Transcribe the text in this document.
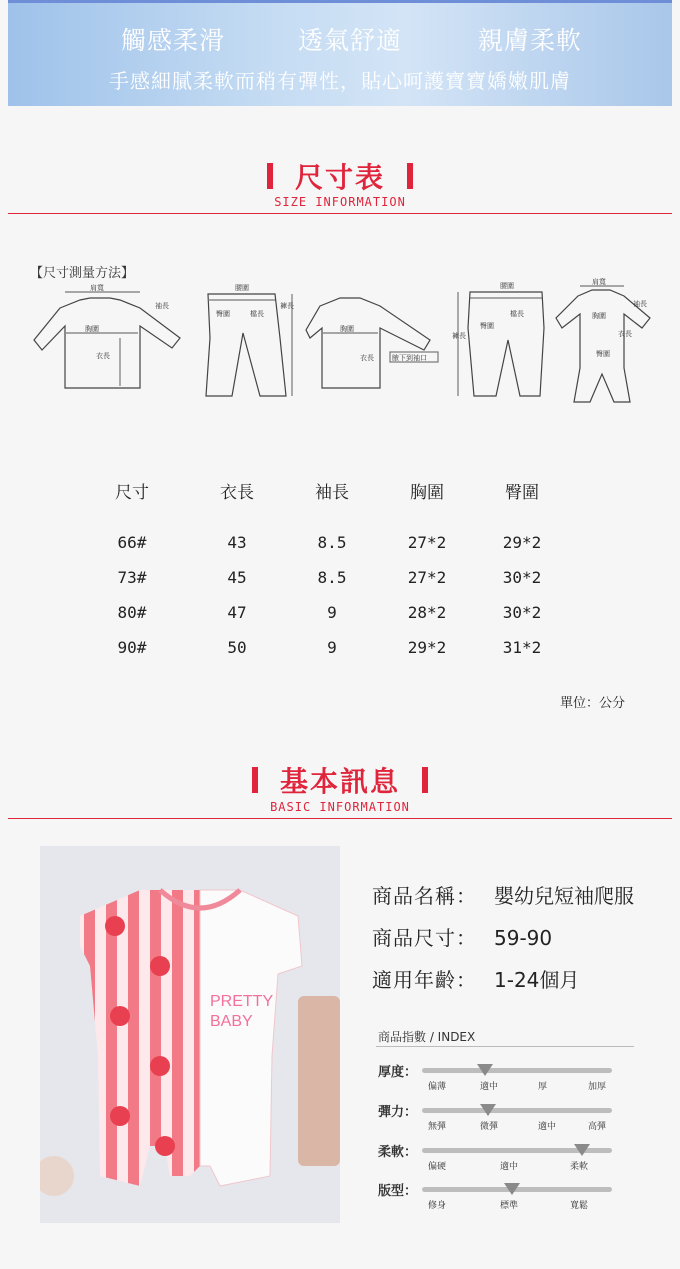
觸感柔滑	透氣舒適	親膚柔軟
手感細膩柔軟而稍有彈性，貼心呵護寶寶嬌嫩肌膚
尺寸表
SIZE INFORMATION
【尺寸測量方法】
肩寬
袖長
胸圍
衣長
腰圍
臀圍	檔長
褲長
胸圍
衣長	腋下到袖口
腰圍
臀圍
檔長
褲長
肩寬
袖長
胸圍
臀圍
衣長
尺寸	衣長	袖長	胸圍	臀圍
66#	43	8.5	27*2	29*2
73#	45	8.5	27*2	30*2
80#	47	9	28*2	30*2
90#	50	9	29*2	31*2
單位：公分
基本訊息
BASIC INFORMATION
PRETTY
BABY
商品名稱： 嬰幼兒短袖爬服
商品尺寸： 59-90
適用年齡： 1-24個月
商品指數 / INDEX
厚度：
偏薄	適中	厚	加厚
彈力：
無彈	微彈	適中	高彈
柔軟：
偏硬	適中	柔軟
版型：
修身	標準	寬鬆
